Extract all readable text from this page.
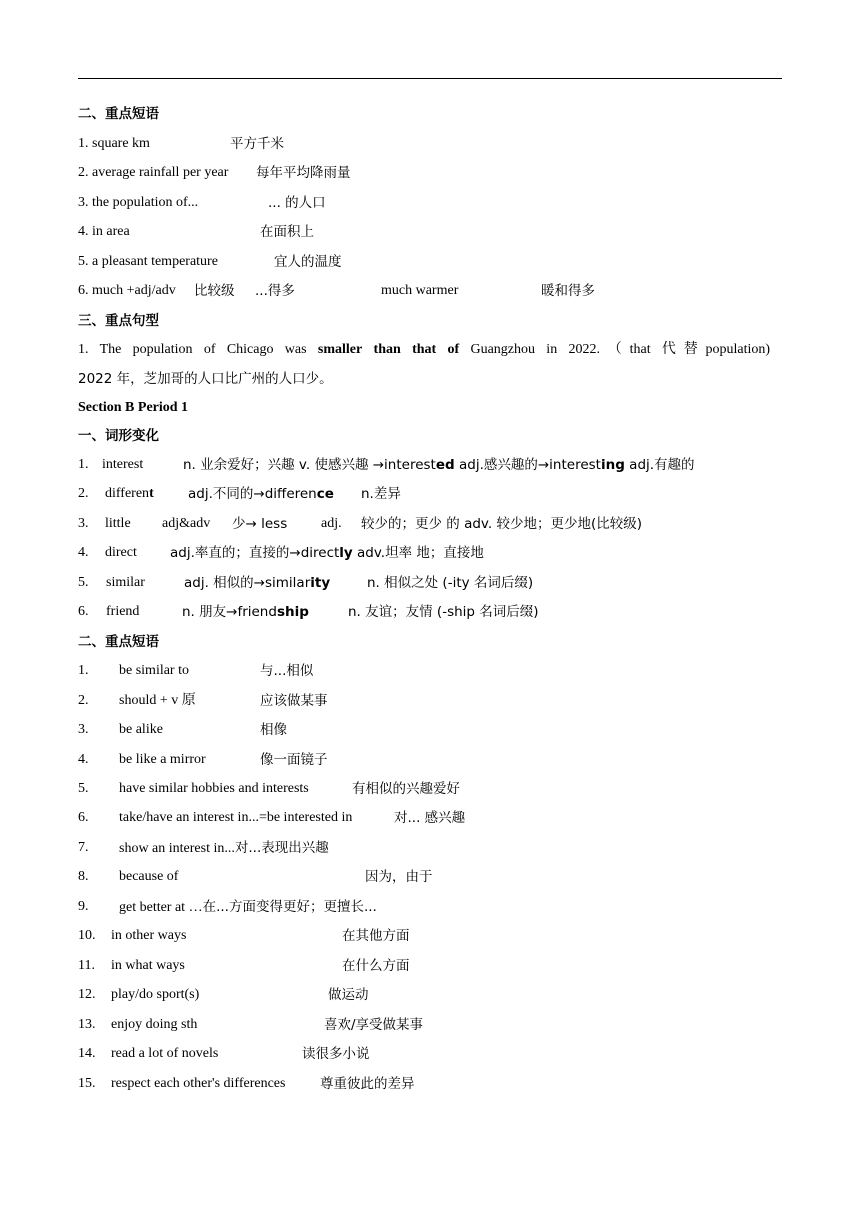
二、重点短语
1. square km	平方千米
2. average rainfall per year 每年平均降雨量
3. the population of...	... 的人口
4. in area	在面积上
5. a pleasant temperature	宜人的温度
6. much +adj/adv 比较级 ...得多	much warmer	暖和得多
三、重点句型
1. The population of Chicago was smaller than that of Guangzhou in 2022.（that 代替population)
2022 年，芝加哥的人口比广州的人口少。
Section B Period 1
一、词形变化
1. interest	n. 业余爱好；兴趣 v. 使感兴趣 →interested adj.感兴趣的→interesting adj.有趣的
2. different	adj.不同的→difference n.差异
3. little adj&adv 少→ less adj. 较少的；更少 的 adv. 较少地；更少地(比较级)
4. direct adj.率直的；直接的→directly adv.坦率 地；直接地
5. similar	adj. 相似的→similarity	n. 相似之处 (-ity 名词后缀)
6. friend	n. 朋友→friendship	n. 友谊；友情 (-ship 名词后缀)
二、重点短语
1. be similar to	与...相似
2. should + v 原	应该做某事
3. be alike	相像
4. be like a mirror	像一面镜子
5. have similar hobbies and interests	有相似的兴趣爱好
6. take/have an interest in...=be interested in	对... 感兴趣
7. show an interest in...对...表现出兴趣
8. because of	因为，由于
9. get better at …在...方面变得更好；更擅长...
10. in other ways	在其他方面
11. in what ways	在什么方面
12. play/do sport(s)	做运动
13. enjoy doing sth	喜欢/享受做某事
14. read a lot of novels	读很多小说
15. respect each other's differences	尊重彼此的差异
